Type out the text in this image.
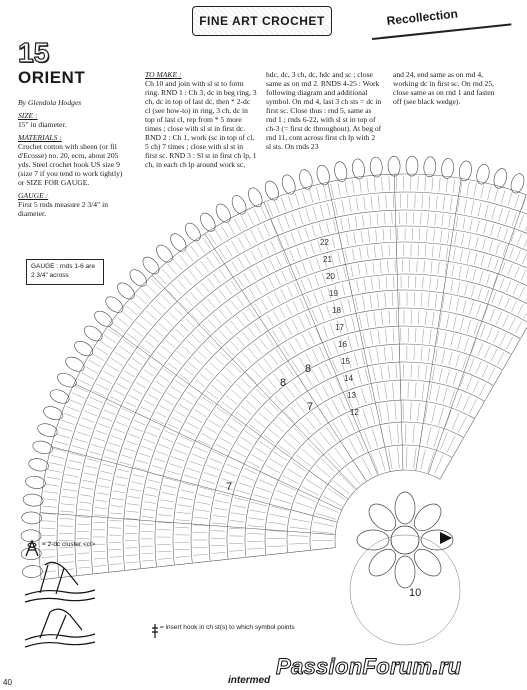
FINE ART CROCHET	Recollection
15
ORIENT

By Glendola Hodges

SIZE :

15" in diameter.

MATERIALS :

Crochet cotton with sheen (or fil d'Ecosse) no. 20, ecru, about 205 yds. Steel crochet hook US size 9 (size 7 if you tend to work tightly) or SIZE FOR GAUGE.

GAUGE :

First 5 rnds measure 2 3/4" in diameter.

TO MAKE :

Ch 10 and join with sl st to form ring. RND 1 : Ch 3, dc in beg ring, 3 ch, dc in top of last dc, then * 2-dc cl (see how-to) in ring, 3 ch, dc in top of last cl, rep from * 5 more times ; close with sl st in first dc. RND 2 : Ch 1, work (sc in top of cl, 5 ch) 7 times ; close with sl st in first sc. RND 3 : Sl st in first ch lp, 1 ch, in each ch lp around work sc,

hdc, dc, 3 ch, dc, hdc and sc ; close same as on rnd 2. RNDS 4-25 : Work following diagram and additional symbol. On rnd 4, last 3 ch sts = dc in first sc. Close thus : rnd 5, same as rnd 1 ; rnds 6-22, with sl st in top of ch-3 (= first dc throughout). At beg of rnd 11, cont across first ch lp with 2 sl sts. On rnds 23

and 24, end same as on rnd 4, working dc in first sc. On rnd 25, close same as on rnd 1 and fasten off (see black wedge).

22
21
20
19
18
17
16
15
14
13
12
8
8
7
7
10
GAUGE : rnds 1-6 are 2 3/4" across
= 2-dc cluster <cl>
= insert hook in ch st(s) to which symbol points
40	intermed
PassionForum.ru
